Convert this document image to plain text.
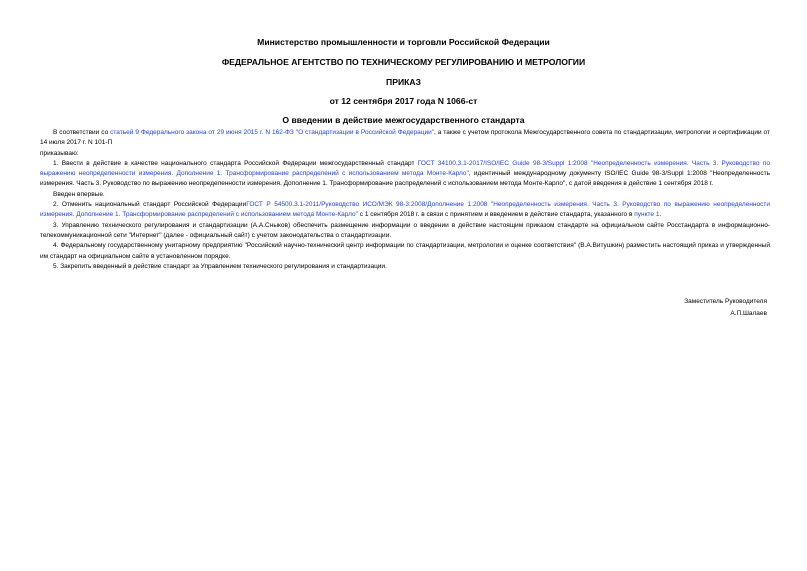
Министерство промышленности и торговли Российской Федерации
ФЕДЕРАЛЬНОЕ АГЕНТСТВО ПО ТЕХНИЧЕСКОМУ РЕГУЛИРОВАНИЮ И МЕТРОЛОГИИ
ПРИКАЗ
от 12 сентября 2017 года N 1066-ст
О введении в действие межгосударственного стандарта

В соответствии со статьей 9 Федерального закона от 29 июня 2015 г. N 162-ФЗ "О стандартизации в Российской Федерации", а также с учетом протокола Межгосударственного совета по стандартизации, метрологии и сертификации от 14 июля 2017 г. N 101-П

приказываю:

1. Ввести в действие в качестве национального стандарта Российской Федерации межгосударственный стандарт ГОСТ 34100.3.1-2017/ISO/IEC Guide 98-3/Suppl 1:2008 "Неопределенность измерения. Часть 3. Руководство по выражению неопределенности измерения. Дополнение 1. Трансформирование распределений с использованием метода Монте-Карло", идентичный международному документу ISO/IEC Guide 98-3/Suppl 1:2008 "Неопределенность измерения. Часть 3. Руководство по выражению неопределенности измерения. Дополнение 1. Трансформирование распределений с использованием метода Монте-Карло", с датой введения в действие 1 сентября 2018 г.

Введен впервые.

2. Отменить национальный стандарт Российской ФедерацииГОСТ Р 54500.3.1-2011/Руководство ИСО/МЭК 98-3:2008/Дополнение 1:2008 "Неопределенность измерения. Часть 3. Руководство по выражению неопределенности измерения. Дополнение 1. Трансформирование распределений с использованием метода Монте-Карло" с 1 сентября 2018 г. в связи с принятием и введением в действие стандарта, указанного в пункте 1.

3. Управлению технического регулирования и стандартизации (А.А.Сныков) обеспечить размещение информации о введении в действие настоящим приказом стандарте на официальном сайте Росстандарта в информационно-телекоммуникационной сети "Интернет" (далее - официальный сайт) с учетом законодательства о стандартизации.

4. Федеральному государственному унитарному предприятию "Российский научно-технический центр информации по стандартизации, метрологии и оценке соответствия" (В.А.Витушкин) разместить настоящий приказ и утвержденный им стандарт на официальном сайте в установленном порядке.

5. Закрепить введенный в действие стандарт за Управлением технического регулирования и стандартизации.

Заместитель Руководителя
А.П.Шалаев
